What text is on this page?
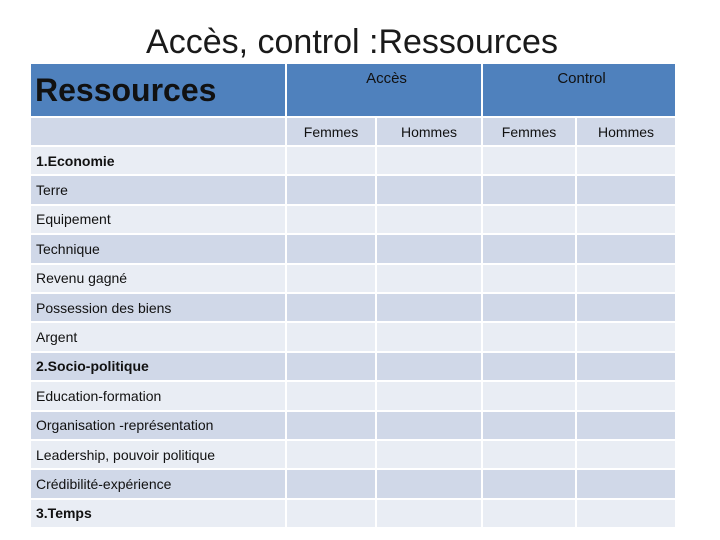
Accès, control :Ressources
Ressources	Accès		Control	
	Femmes	Hommes	Femmes	Hommes
1.Economie				
Terre				
Equipement				
Technique				
Revenu gagné				
Possession des biens				
Argent				
2.Socio-politique				
Education-formation				
Organisation -représentation				
Leadership, pouvoir politique				
Crédibilité-expérience				
3.Temps				
